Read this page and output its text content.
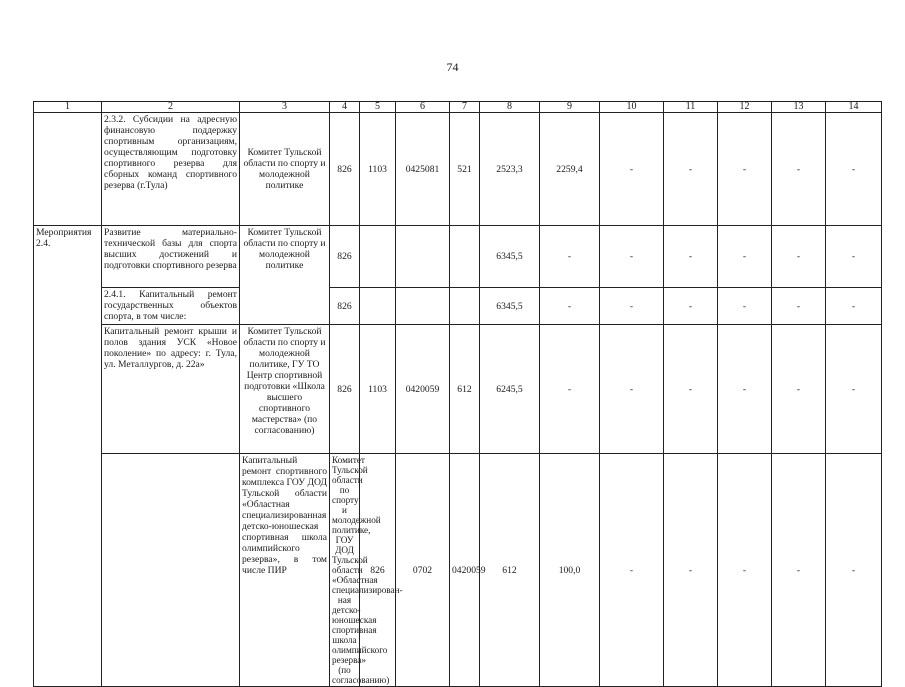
74
1	2	3	4	5	6	7	8	9	10	11	12	13	14	
	2.3.2. Субсидии на адресную финансовую поддержку спортивным организациям, осуществляющим подготовку спортивного резерва для сборных команд спортивного резерва (г.Тула)	Комитет Тульской области по спорту и молодежной политике	826	1103	0425081	521	2523,3	2259,4	-	-	-	-	-	
Мероприятия 2.4.	Развитие материально-технической базы для спорта высших достижений и подготовки спортивного резерва	Комитет Тульской области по спорту и молодежной политике	826				6345,5	-	-	-	-	-	-	
	2.4.1. Капитальный ремонт государственных объектов спорта, в том числе:		826				6345,5	-	-	-	-	-	-	
	Капитальный ремонт крыши и полов здания УСК «Новое поколение» по адресу: г. Тула, ул. Металлургов, д. 22а»	Комитет Тульской области по спорту и молодежной политике, ГУ ТО Центр спортивной подготовки «Школа высшего спортивного мастерства» (по согласованию)	826	1103	0420059	612	6245,5	-	-	-	-	-	-	
		Капитальный ремонт спортивного комплекса ГОУ ДОД Тульской области «Областная специализированная детско-юношеская спортивная школа олимпийского резерва», в том числе ПИР	Комитет Тульской области по спорту и молодежной политике, ГОУ ДОД Тульской области «Областная специализирован-ная детско-юношеская спортивная школа олимпийского резерва» (по согласованию)	826	0702	0420059	612	100,0	-	-	-	-	-	
